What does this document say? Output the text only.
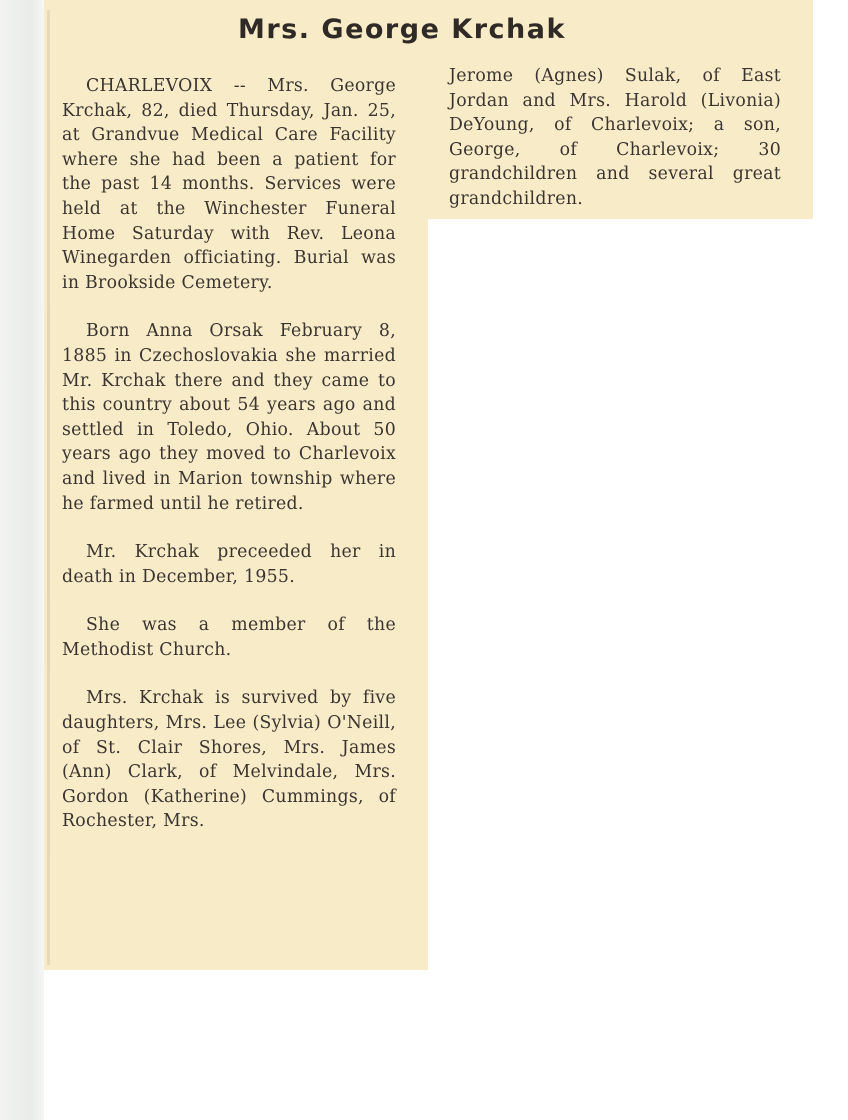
Mrs. George Krchak

CHARLEVOIX -- Mrs. George Krchak, 82, died Thursday, Jan. 25, at Grandvue Medical Care Facility where she had been a patient for the past 14 months. Services were held at the Winchester Funeral Home Saturday with Rev. Leona Winegarden officiating. Burial was in Brookside Cemetery.

Born Anna Orsak February 8, 1885 in Czechoslovakia she married Mr. Krchak there and they came to this country about 54 years ago and settled in Toledo, Ohio. About 50 years ago they moved to Charlevoix and lived in Marion township where he farmed until he retired.

Mr. Krchak preceeded her in death in December, 1955.

She was a member of the Methodist Church.

Mrs. Krchak is survived by five daughters, Mrs. Lee (Sylvia) O'Neill, of St. Clair Shores, Mrs. James (Ann) Clark, of Melvindale, Mrs. Gordon (Katherine) Cummings, of Rochester, Mrs.

Jerome (Agnes) Sulak, of East Jordan and Mrs. Harold (Livonia) DeYoung, of Charlevoix; a son, George, of Charlevoix; 30 grandchildren and several great grandchildren.
